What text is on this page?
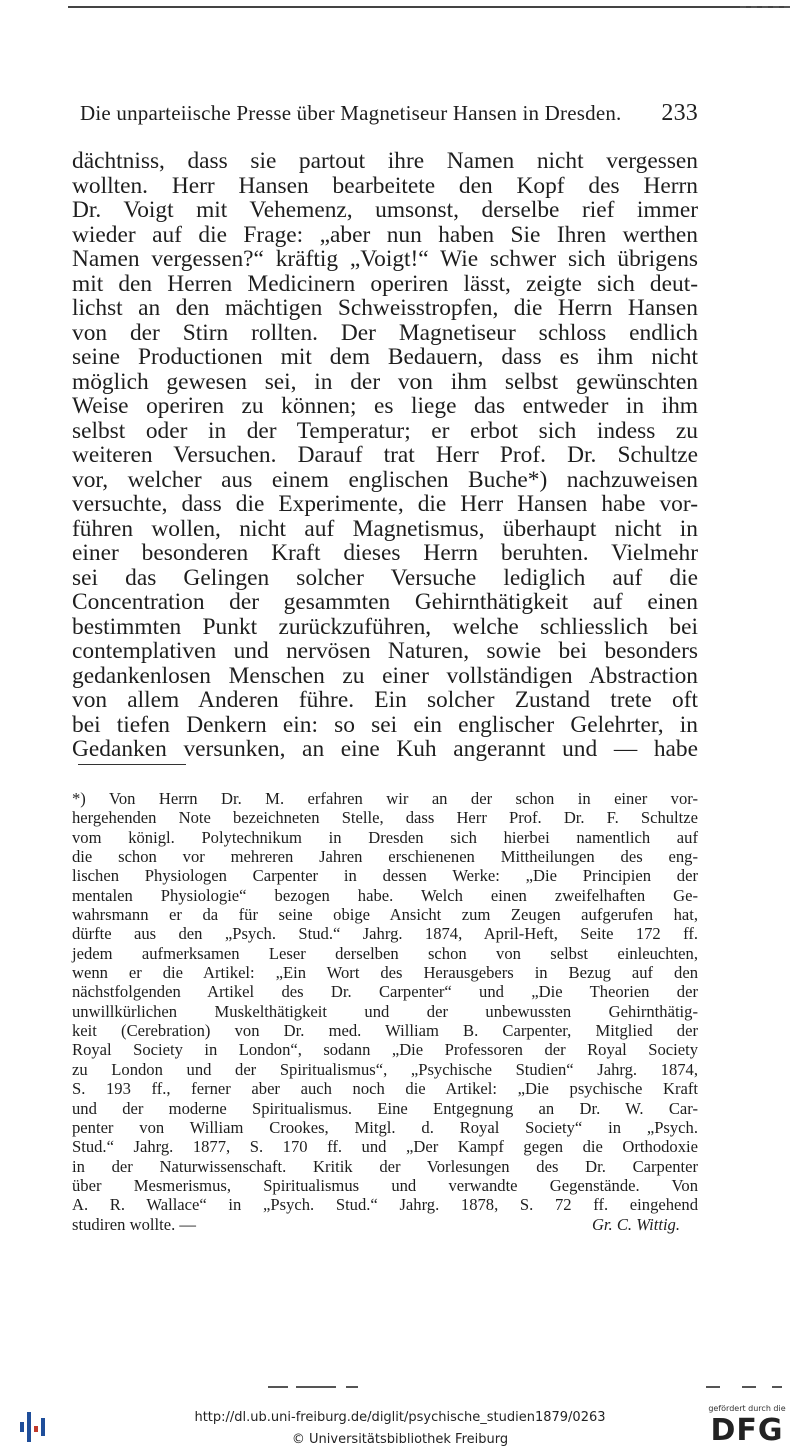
Die unparteiische Presse über Magnetiseur Hansen in Dresden. 233
dächtniss, dass sie partout ihre Namen nicht vergessen
wollten. Herr Hansen bearbeitete den Kopf des Herrn
Dr. Voigt mit Vehemenz, umsonst, derselbe rief immer
wieder auf die Frage: „aber nun haben Sie Ihren werthen
Namen vergessen?“ kräftig „Voigt!“ Wie schwer sich übrigens
mit den Herren Medicinern operiren lässt, zeigte sich deut-
lichst an den mächtigen Schweisstropfen, die Herrn Hansen
von der Stirn rollten. Der Magnetiseur schloss endlich
seine Productionen mit dem Bedauern, dass es ihm nicht
möglich gewesen sei, in der von ihm selbst gewünschten
Weise operiren zu können; es liege das entweder in ihm
selbst oder in der Temperatur; er erbot sich indess zu
weiteren Versuchen. Darauf trat Herr Prof. Dr. Schultze
vor, welcher aus einem englischen Buche*) nachzuweisen
versuchte, dass die Experimente, die Herr Hansen habe vor-
führen wollen, nicht auf Magnetismus, überhaupt nicht in
einer besonderen Kraft dieses Herrn beruhten. Vielmehr
sei das Gelingen solcher Versuche lediglich auf die
Concentration der gesammten Gehirnthätigkeit auf einen
bestimmten Punkt zurückzuführen, welche schliesslich bei
contemplativen und nervösen Naturen, sowie bei besonders
gedankenlosen Menschen zu einer vollständigen Abstraction
von allem Anderen führe. Ein solcher Zustand trete oft
bei tiefen Denkern ein: so sei ein englischer Gelehrter, in
Gedanken versunken, an eine Kuh angerannt und — habe
*) Von Herrn Dr. M. erfahren wir an der schon in einer vor-
hergehenden Note bezeichneten Stelle, dass Herr Prof. Dr. F. Schultze
vom königl. Polytechnikum in Dresden sich hierbei namentlich auf
die schon vor mehreren Jahren erschienenen Mittheilungen des eng-
lischen Physiologen Carpenter in dessen Werke: „Die Principien der
mentalen Physiologie“ bezogen habe. Welch einen zweifelhaften Ge-
wahrsmann er da für seine obige Ansicht zum Zeugen aufgerufen hat,
dürfte aus den „Psych. Stud.“ Jahrg. 1874, April-Heft, Seite 172 ff.
jedem aufmerksamen Leser derselben schon von selbst einleuchten,
wenn er die Artikel: „Ein Wort des Herausgebers in Bezug auf den
nächstfolgenden Artikel des Dr. Carpenter“ und „Die Theorien der
unwillkürlichen Muskelthätigkeit und der unbewussten Gehirnthätig-
keit (Cerebration) von Dr. med. William B. Carpenter, Mitglied der
Royal Society in London“, sodann „Die Professoren der Royal Society
zu London und der Spiritualismus“, „Psychische Studien“ Jahrg. 1874,
S. 193 ff., ferner aber auch noch die Artikel: „Die psychische Kraft
und der moderne Spiritualismus. Eine Entgegnung an Dr. W. Car-
penter von William Crookes, Mitgl. d. Royal Society“ in „Psych.
Stud.“ Jahrg. 1877, S. 170 ff. und „Der Kampf gegen die Orthodoxie
in der Naturwissenschaft. Kritik der Vorlesungen des Dr. Carpenter
über Mesmerismus, Spiritualismus und verwandte Gegenstände. Von
A. R. Wallace“ in „Psych. Stud.“ Jahrg. 1878, S. 72 ff. eingehend
studiren wollte. —	Gr. C. Wittig.
http://dl.ub.uni-freiburg.de/diglit/psychische_studien1879/0263
© Universitätsbibliothek Freiburg
gefördert durch die
DFG
